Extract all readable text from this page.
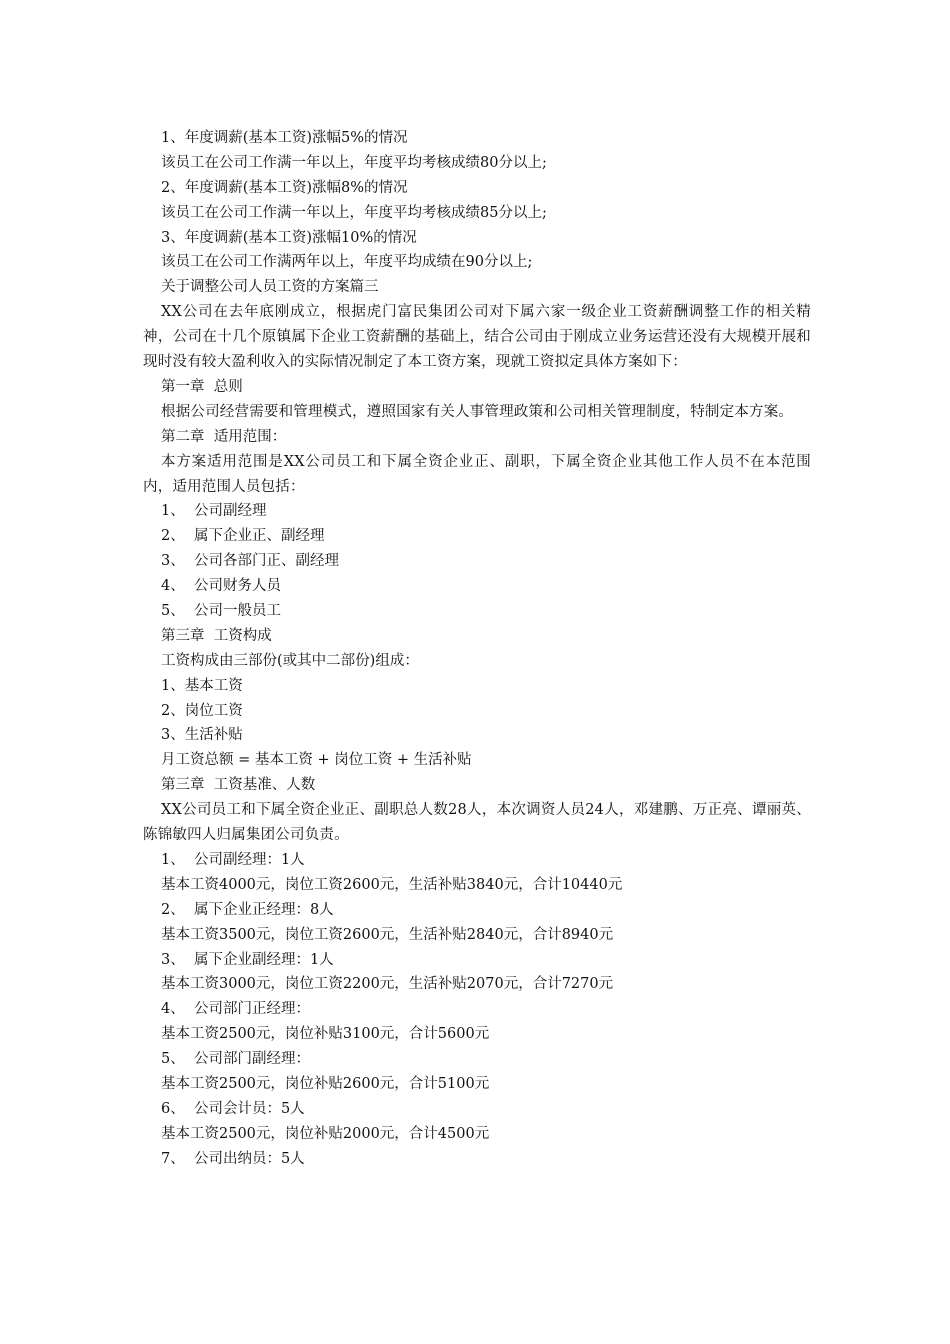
1、年度调薪(基本工资)涨幅5%的情况
该员工在公司工作满一年以上，年度平均考核成绩80分以上;
2、年度调薪(基本工资)涨幅8%的情况
该员工在公司工作满一年以上，年度平均考核成绩85分以上;
3、年度调薪(基本工资)涨幅10%的情况
该员工在公司工作满两年以上，年度平均成绩在90分以上;
关于调整公司人员工资的方案篇三
XX公司在去年底刚成立，根据虎门富民集团公司对下属六家一级企业工资薪酬调整工作的相关精神，公司在十几个原镇属下企业工资薪酬的基础上，结合公司由于刚成立业务运营还没有大规模开展和现时没有较大盈利收入的实际情况制定了本工资方案，现就工资拟定具体方案如下：
第一章  总则
根据公司经营需要和管理模式，遵照国家有关人事管理政策和公司相关管理制度，特制定本方案。
第二章  适用范围：
本方案适用范围是XX公司员工和下属全资企业正、副职，下属全资企业其他工作人员不在本范围内，适用范围人员包括：
1、  公司副经理
2、  属下企业正、副经理
3、  公司各部门正、副经理
4、  公司财务人员
5、  公司一般员工
第三章  工资构成
工资构成由三部份(或其中二部份)组成：
1、基本工资
2、岗位工资
3、生活补贴
月工资总额 = 基本工资 + 岗位工资 + 生活补贴
第三章  工资基准、人数
XX公司员工和下属全资企业正、副职总人数28人，本次调资人员24人，邓建鹏、万正亮、谭丽英、陈锦敏四人归属集团公司负责。
1、  公司副经理：1人
基本工资4000元，岗位工资2600元，生活补贴3840元，合计10440元
2、  属下企业正经理：8人
基本工资3500元，岗位工资2600元，生活补贴2840元，合计8940元
3、  属下企业副经理：1人
基本工资3000元，岗位工资2200元，生活补贴2070元，合计7270元
4、  公司部门正经理：
基本工资2500元，岗位补贴3100元，合计5600元
5、  公司部门副经理：
基本工资2500元，岗位补贴2600元，合计5100元
6、  公司会计员：5人
基本工资2500元，岗位补贴2000元，合计4500元
7、  公司出纳员：5人
